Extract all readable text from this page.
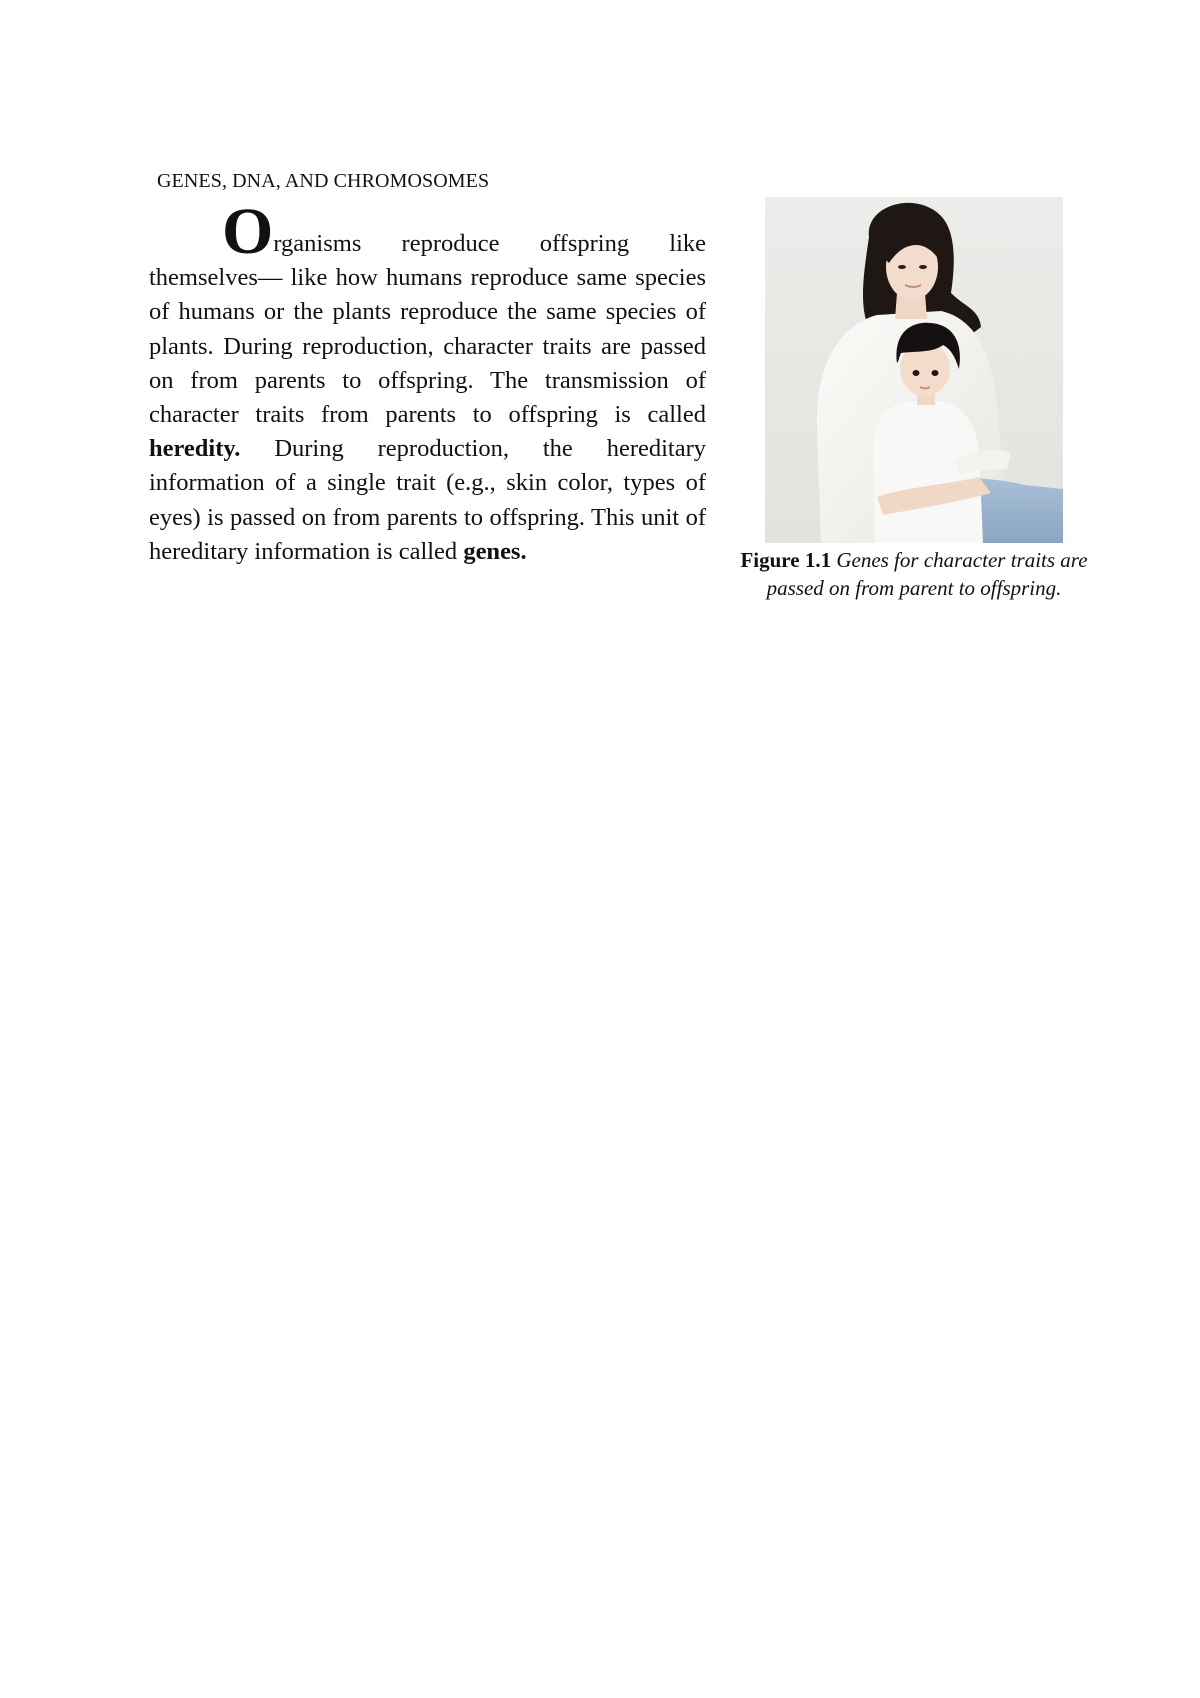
GENES, DNA, AND CHROMOSOMES

Organisms reproduce offspring like themselves— like how humans reproduce same species of humans or the plants reproduce the same species of plants. During reproduction, character traits are passed on from parents to offspring. The transmission of character traits from parents to offspring is called heredity. During reproduction, the hereditary information of a single trait (e.g., skin color, types of eyes) is passed on from parents to offspring. This unit of hereditary information is called genes.	Figure 1.1 Genes for character traits are passed on from parent to offspring.
